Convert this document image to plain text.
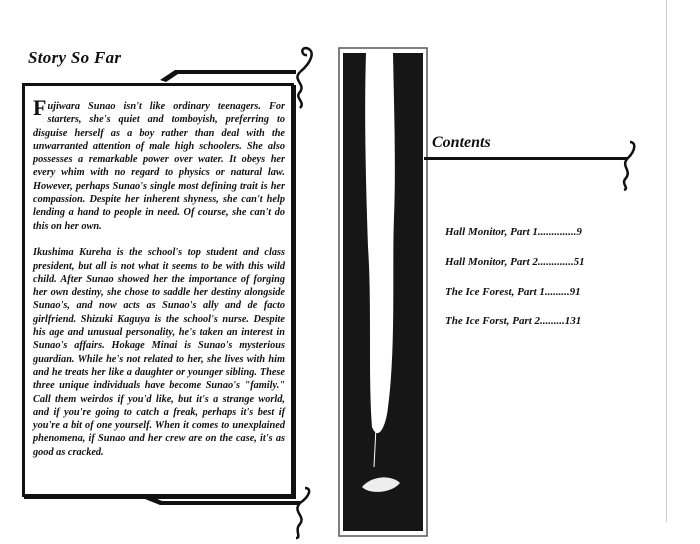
Story So Far

Fujiwara Sunao isn't like ordinary teenagers. For starters, she's quiet and tomboyish, preferring to disguise herself as a boy rather than deal with the unwarranted attention of male high schoolers. She also possesses a remarkable power over water. It obeys her every whim with no regard to physics or natural law. However, perhaps Sunao's single most defining trait is her compassion. Despite her inherent shyness, she can't help lending a hand to people in need. Of course, she can't do this on her own.

Ikushima Kureha is the school's top student and class president, but all is not what it seems to be with this wild child. After Sunao showed her the importance of forging her own destiny, she chose to saddle her destiny alongside Sunao's, and now acts as Sunao's ally and de facto girlfriend. Shizuki Kaguya is the school's nurse. Despite his age and unusual personality, he's taken an interest in Sunao's affairs. Hokage Minai is Sunao's mysterious guardian. While he's not related to her, she lives with him and he treats her like a daughter or younger sibling. These three unique individuals have become Sunao's "family." Call them weirdos if you'd like, but it's a strange world, and if you're going to catch a freak, perhaps it's best if you're a bit of one yourself. When it comes to unexplained phenomena, if Sunao and her crew are on the case, it's as good as cracked.

Contents
Hall Monitor, Part 1..............9
Hall Monitor, Part 2.............51
The Ice Forest, Part 1.........91
The Ice Forst, Part 2.........131
